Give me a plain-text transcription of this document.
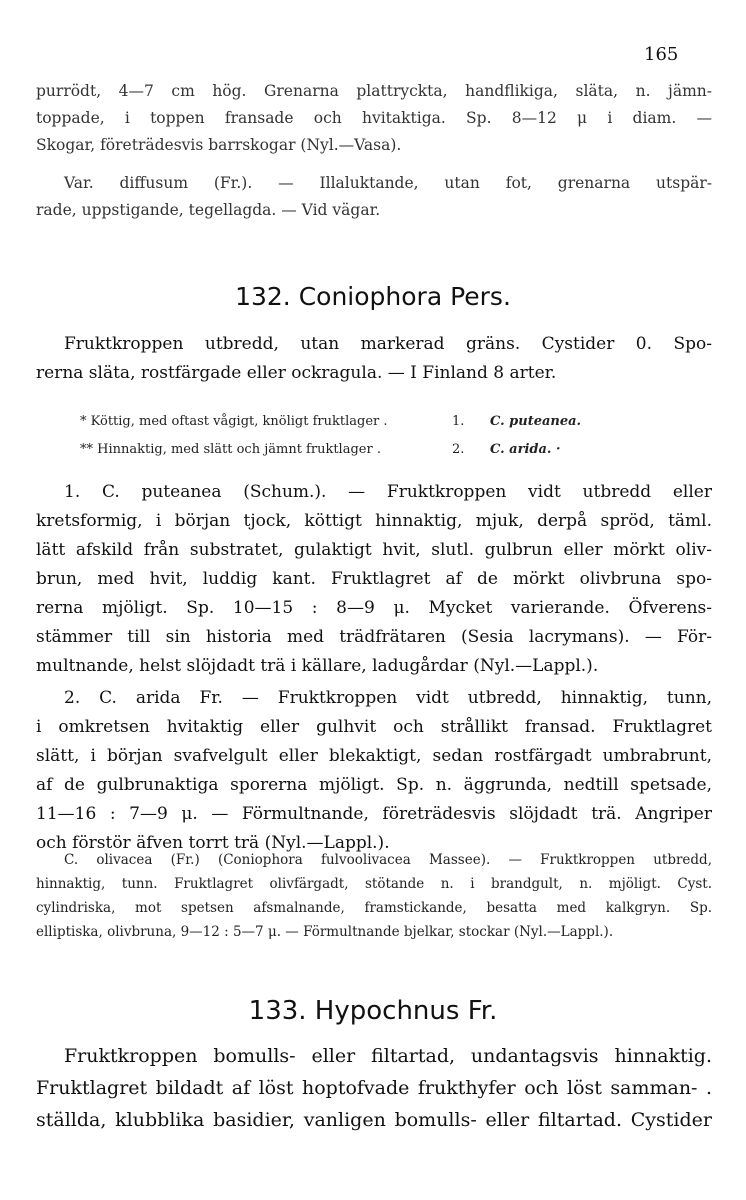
165
purrödt, 4—7 cm hög. Grenarna plattryckta, handflikiga, släta, n. jämn-
toppade, i toppen fransade och hvitaktiga. Sp. 8—12 μ i diam. —
Skogar, företrädesvis barrskogar (Nyl.—Vasa).
Var. diffusum (Fr.). — Illaluktande, utan fot, grenarna utspär-
rade, uppstigande, tegellagda. — Vid vägar.
132. Coniophora Pers.
Fruktkroppen utbredd, utan markerad gräns. Cystider 0. Spo-
rerna släta, rostfärgade eller ockragula. — I Finland 8 arter.
* Köttig, med oftast vågigt, knöligt fruktlager .	1. C. puteanea.
** Hinnaktig, med slätt och jämnt fruktlager .	2. C. arida. ·
1. C. puteanea (Schum.). — Fruktkroppen vidt utbredd eller
kretsformig, i början tjock, köttigt hinnaktig, mjuk, derpå spröd, täml.
lätt afskild från substratet, gulaktigt hvit, slutl. gulbrun eller mörkt oliv-
brun, med hvit, luddig kant. Fruktlagret af de mörkt olivbruna spo-
rerna mjöligt. Sp. 10—15 : 8—9 μ. Mycket varierande. Öfverens-
stämmer till sin historia med trädfrätaren (Sesia lacrymans). — För-
multnande, helst slöjdadt trä i källare, ladugårdar (Nyl.—Lappl.).
2. C. arida Fr. — Fruktkroppen vidt utbredd, hinnaktig, tunn,
i omkretsen hvitaktig eller gulhvit och strållikt fransad. Fruktlagret
slätt, i början svafvelgult eller blekaktigt, sedan rostfärgadt umbrabrunt,
af de gulbrunaktiga sporerna mjöligt. Sp. n. äggrunda, nedtill spetsade,
11—16 : 7—9 μ. — Förmultnande, företrädesvis slöjdadt trä. Angriper
och förstör äfven torrt trä (Nyl.—Lappl.).
C. olivacea (Fr.) (Coniophora fulvoolivacea Massee). — Fruktkroppen utbredd,
hinnaktig, tunn. Fruktlagret olivfärgadt, stötande n. i brandgult, n. mjöligt. Cyst.
cylindriska, mot spetsen afsmalnande, framstickande, besatta med kalkgryn. Sp.
elliptiska, olivbruna, 9—12 : 5—7 μ. — Förmultnande bjelkar, stockar (Nyl.—Lappl.).
133. Hypochnus Fr.
Fruktkroppen bomulls- eller filtartad, undantagsvis hinnaktig.
Fruktlagret bildadt af löst hoptofvade frukthyfer och löst samman- .
ställda, klubblika basidier, vanligen bomulls- eller filtartad. Cystider
